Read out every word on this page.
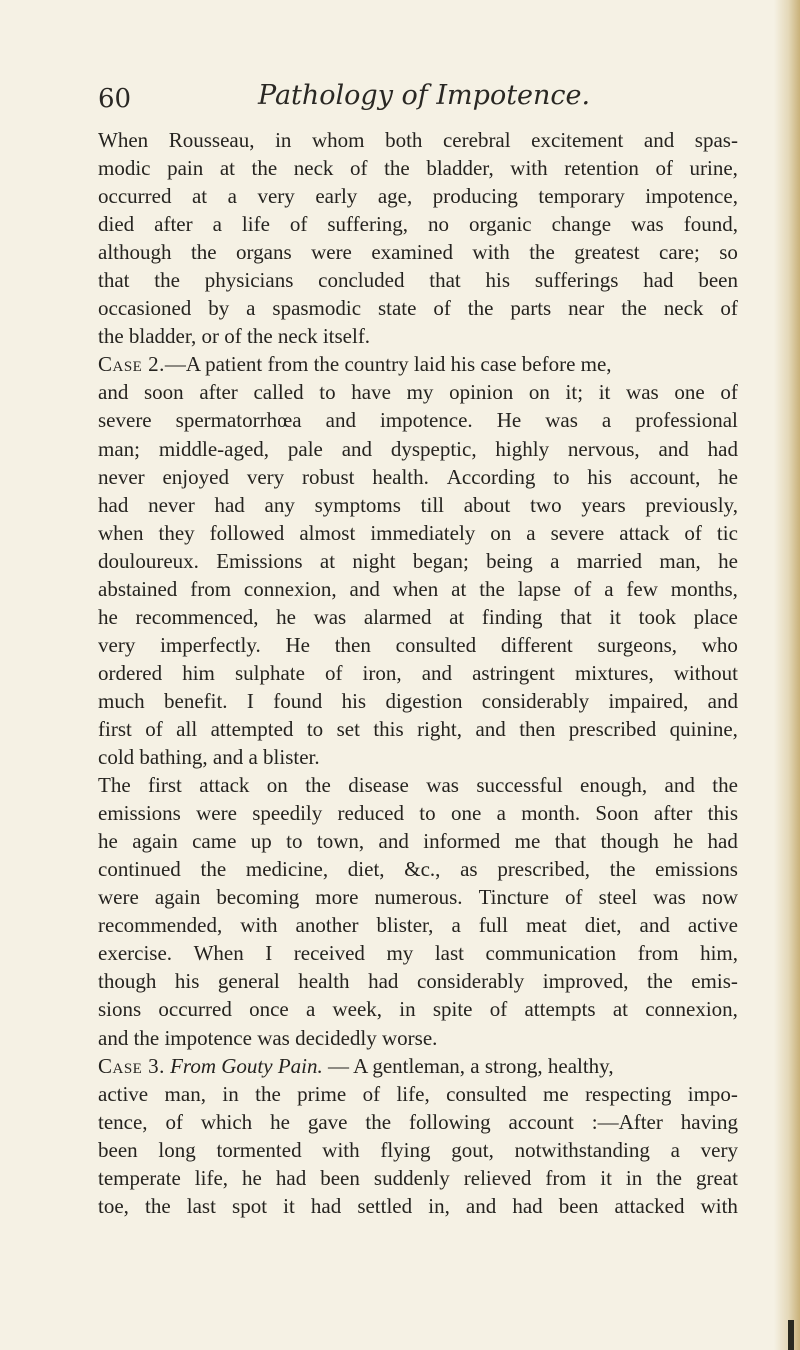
60	Pathology of Impotence.
When Rousseau, in whom both cerebral excitement and spas-
modic pain at the neck of the bladder, with retention of urine,
occurred at a very early age, producing temporary impotence,
died after a life of suffering, no organic change was found,
although the organs were examined with the greatest care; so
that the physicians concluded that his sufferings had been
occasioned by a spasmodic state of the parts near the neck of
the bladder, or of the neck itself.
Case 2.—A patient from the country laid his case before me,
and soon after called to have my opinion on it; it was one of
severe spermatorrhœa and impotence. He was a professional
man; middle-aged, pale and dyspeptic, highly nervous, and had
never enjoyed very robust health. According to his account, he
had never had any symptoms till about two years previously,
when they followed almost immediately on a severe attack of tic
douloureux. Emissions at night began; being a married man, he
abstained from connexion, and when at the lapse of a few months,
he recommenced, he was alarmed at finding that it took place
very imperfectly. He then consulted different surgeons, who
ordered him sulphate of iron, and astringent mixtures, without
much benefit. I found his digestion considerably impaired, and
first of all attempted to set this right, and then prescribed quinine,
cold bathing, and a blister.
The first attack on the disease was successful enough, and the
emissions were speedily reduced to one a month. Soon after this
he again came up to town, and informed me that though he had
continued the medicine, diet, &c., as prescribed, the emissions
were again becoming more numerous. Tincture of steel was now
recommended, with another blister, a full meat diet, and active
exercise. When I received my last communication from him,
though his general health had considerably improved, the emis-
sions occurred once a week, in spite of attempts at connexion,
and the impotence was decidedly worse.
Case 3. From Gouty Pain. — A gentleman, a strong, healthy,
active man, in the prime of life, consulted me respecting impo-
tence, of which he gave the following account :—After having
been long tormented with flying gout, notwithstanding a very
temperate life, he had been suddenly relieved from it in the great
toe, the last spot it had settled in, and had been attacked with
